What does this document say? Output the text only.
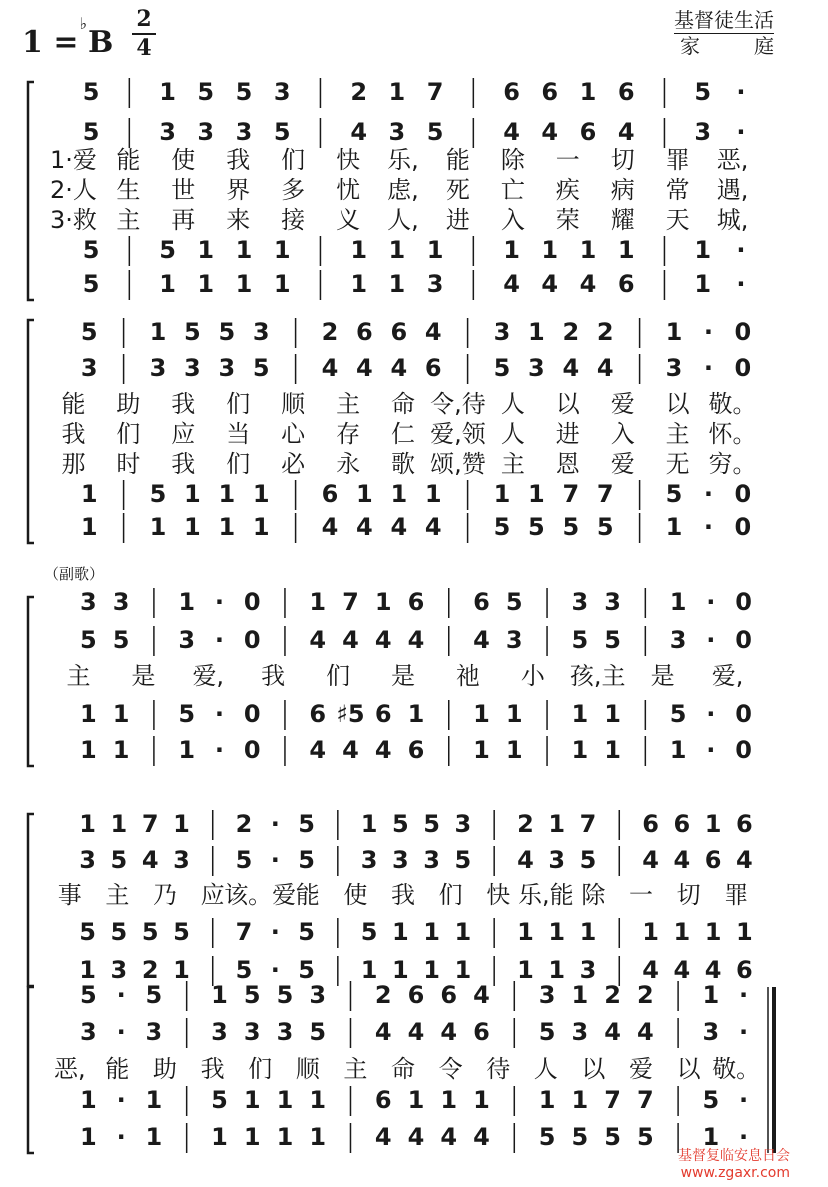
1 =♭B
2
4
基督徒生活
家庭
（副歌）
5 1 5 5 3 2 1 7 6 6 1 6 5 ·
5 3 3 3 5 4 3 5 4 4 6 4 3 ·
5 5 1 1 1 1 1 1 1 1 1 1 1 ·
5 1 1 1 1 1 1 3 4 4 4 6 1 ·
1·爱 能 使 我 们 快 乐, 能 除 一 切 罪 恶,
2·人 生 世 界 多 忧 虑, 死 亡 疾 病 常 遇,
3·救 主 再 来 接 义 人, 进 入 荣 耀 天 城,
5 1 5 5 3 2 6 6 4 3 1 2 2 1 · 0
3 3 3 3 5 4 4 4 6 5 3 4 4 3 · 0
1 5 1 1 1 6 1 1 1 1 1 7 7 5 · 0
1 1 1 1 1 4 4 4 4 5 5 5 5 1 · 0
能 助 我 们 顺 主 命 令,待 人 以 爱 以 敬。
我 们 应 当 心 存 仁 爱,领 人 进 入 主 怀。
那 时 我 们 必 永 歌 颂,赞 主 恩 爱 无 穷。
3 3 1 · 0 1 7 1 6 6 5 3 3 1 · 0
5 5 3 · 0 4 4 4 4 4 3 5 5 3 · 0
1 1 5 · 0 6 ♯5 6 1 1 1 1 1 5 · 0
1 1 1 · 0 4 4 4 6 1 1 1 1 1 · 0
主 是 爱, 我 们 是 祂 小 孩,主 是 爱,
1 1 7 1 2 · 5 1 5 5 3 2 1 7 6 6 1 6
3 5 4 3 5 · 5 3 3 3 5 4 3 5 4 4 6 4
5 5 5 5 7 · 5 5 1 1 1 1 1 1 1 1 1 1
1 3 2 1 5 · 5 1 1 1 1 1 1 3 4 4 4 6
事 主 乃 应 该。爱 能 使 我 们 快 乐,能 除 一 切 罪
5 · 5 1 5 5 3 2 6 6 4 3 1 2 2 1 ·
3 · 3 3 3 3 5 4 4 4 6 5 3 4 4 3 ·
1 · 1 5 1 1 1 6 1 1 1 1 1 7 7 5 ·
1 · 1 1 1 1 1 4 4 4 4 5 5 5 5 1 ·
恶, 能 助 我 们 顺 主 命 令 待 人 以 爱 以 敬。
基督复临安息日会
www.zgaxr.com
